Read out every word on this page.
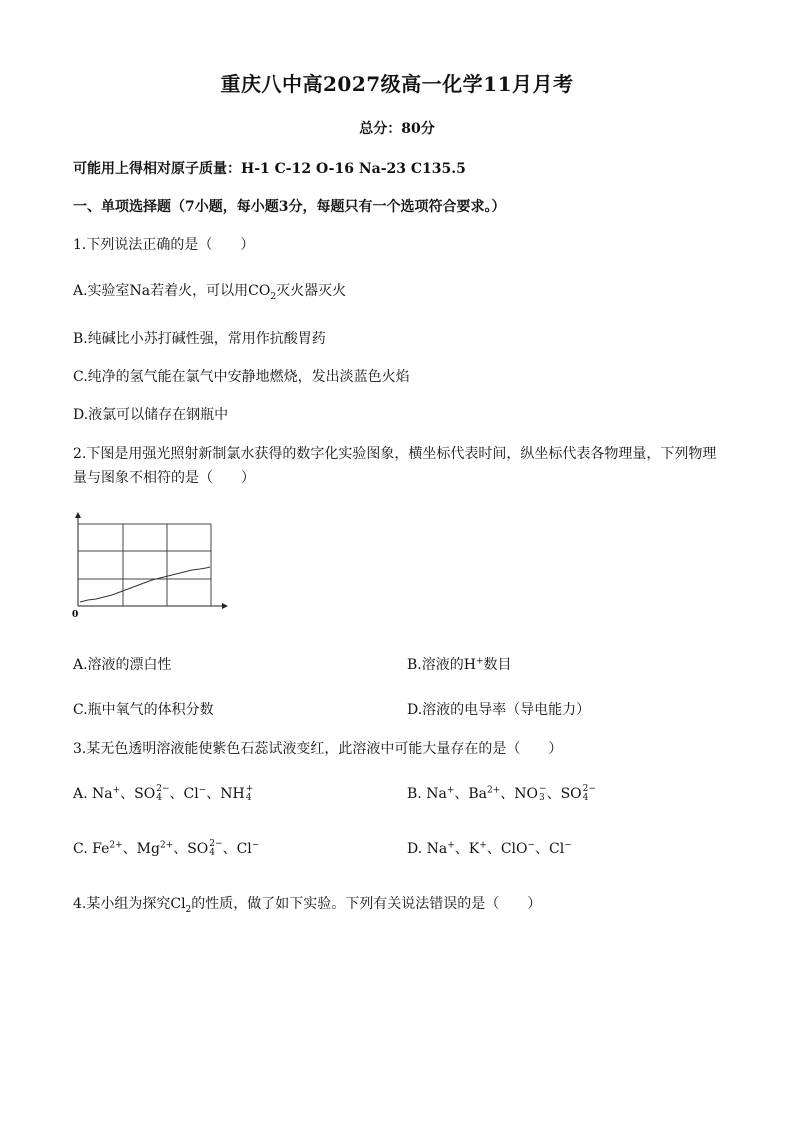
重庆八中高2027级高一化学11月月考
总分：80分
可能用上得相对原子质量：H-1 C-12 O-16 Na-23 C135.5
一、单项选择题（7小题，每小题3分，每题只有一个选项符合要求。）
1.下列说法正确的是（　　）
A.实验室Na若着火，可以用$CO_2$灭火器灭火
B.纯碱比小苏打碱性强，常用作抗酸胃药
C.纯净的氢气能在氯气中安静地燃烧，发出淡蓝色火焰
D.液氯可以储存在钢瓶中
2.下图是用强光照射新制氯水获得的数字化实验图象，横坐标代表时间，纵坐标代表各物理量，下列物理
量与图象不相符的是（　　）
0
A.溶液的漂白性	B.溶液的H+数目
C.瓶中氧气的体积分数	D.溶液的电导率（导电能力）
3.某无色透明溶液能使紫色石蕊试液变红，此溶液中可能大量存在的是（　　）
A. Na+、SO 2−
4 、Cl−、NH +
4	B. Na+、$Ba^{2+}$、NO −
3 、SO 2−
4
C. $Fe^{2+}$、$Mg^{2+}$、SO 2−
4 、Cl−	D. Na+、K+、ClO−、Cl−
4.某小组为探究$Cl_2$的性质，做了如下实验。下列有关说法错误的是（　　）
